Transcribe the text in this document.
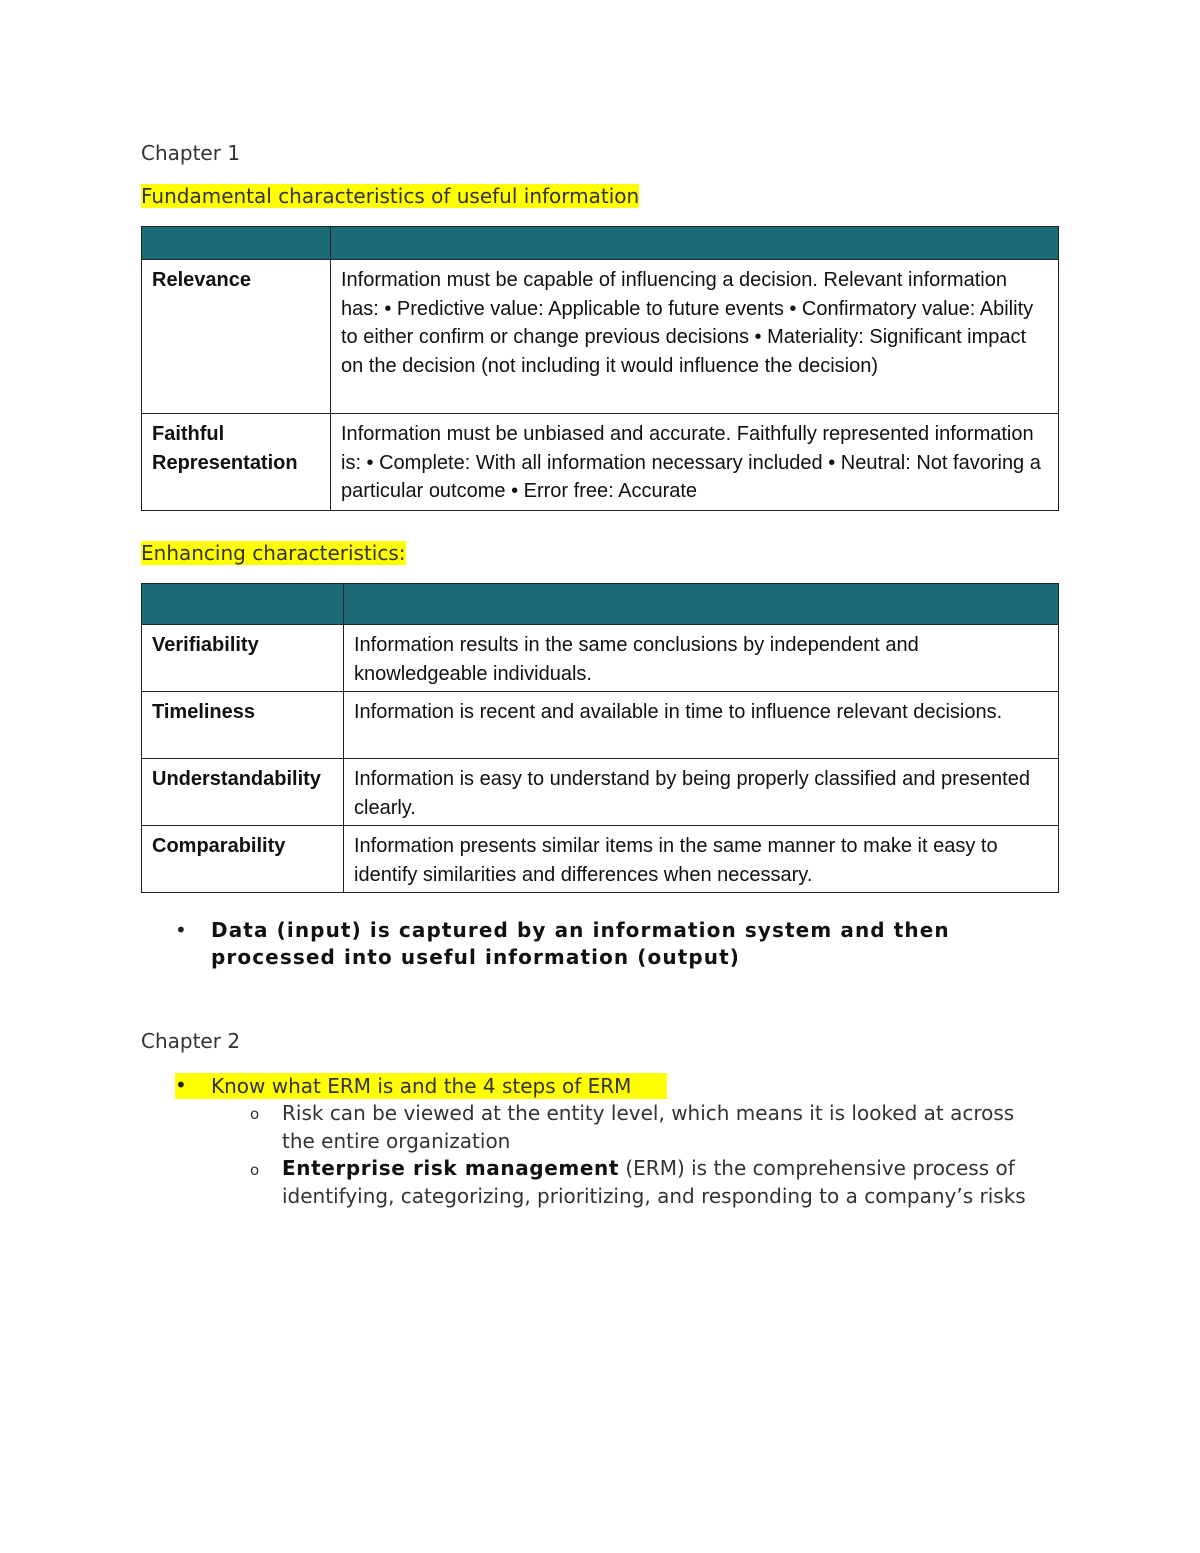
Chapter 1
Fundamental characteristics of useful information

Relevance	Information must be capable of influencing a decision. Relevant information has: • Predictive value: Applicable to future events • Confirmatory value: Ability to either confirm or change previous decisions • Materiality: Significant impact on the decision (not including it would influence the decision)
Faithful Representation	Information must be unbiased and accurate. Faithfully represented information is: • Complete: With all information necessary included • Neutral: Not favoring a particular outcome • Error free: Accurate
Enhancing characteristics:

Verifiability	Information results in the same conclusions by independent and knowledgeable individuals.
Timeliness	Information is recent and available in time to influence relevant decisions.
Understandability	Information is easy to understand by being properly classified and presented clearly.
Comparability	Information presents similar items in the same manner to make it easy to identify similarities and differences when necessary.
• Data (input) is captured by an information system and then processed into useful information (output)
Chapter 2
• Know what ERM is and the 4 steps of ERM
o Risk can be viewed at the entity level, which means it is looked at across the entire organization
o Enterprise risk management (ERM) is the comprehensive process of identifying, categorizing, prioritizing, and responding to a company’s risks
